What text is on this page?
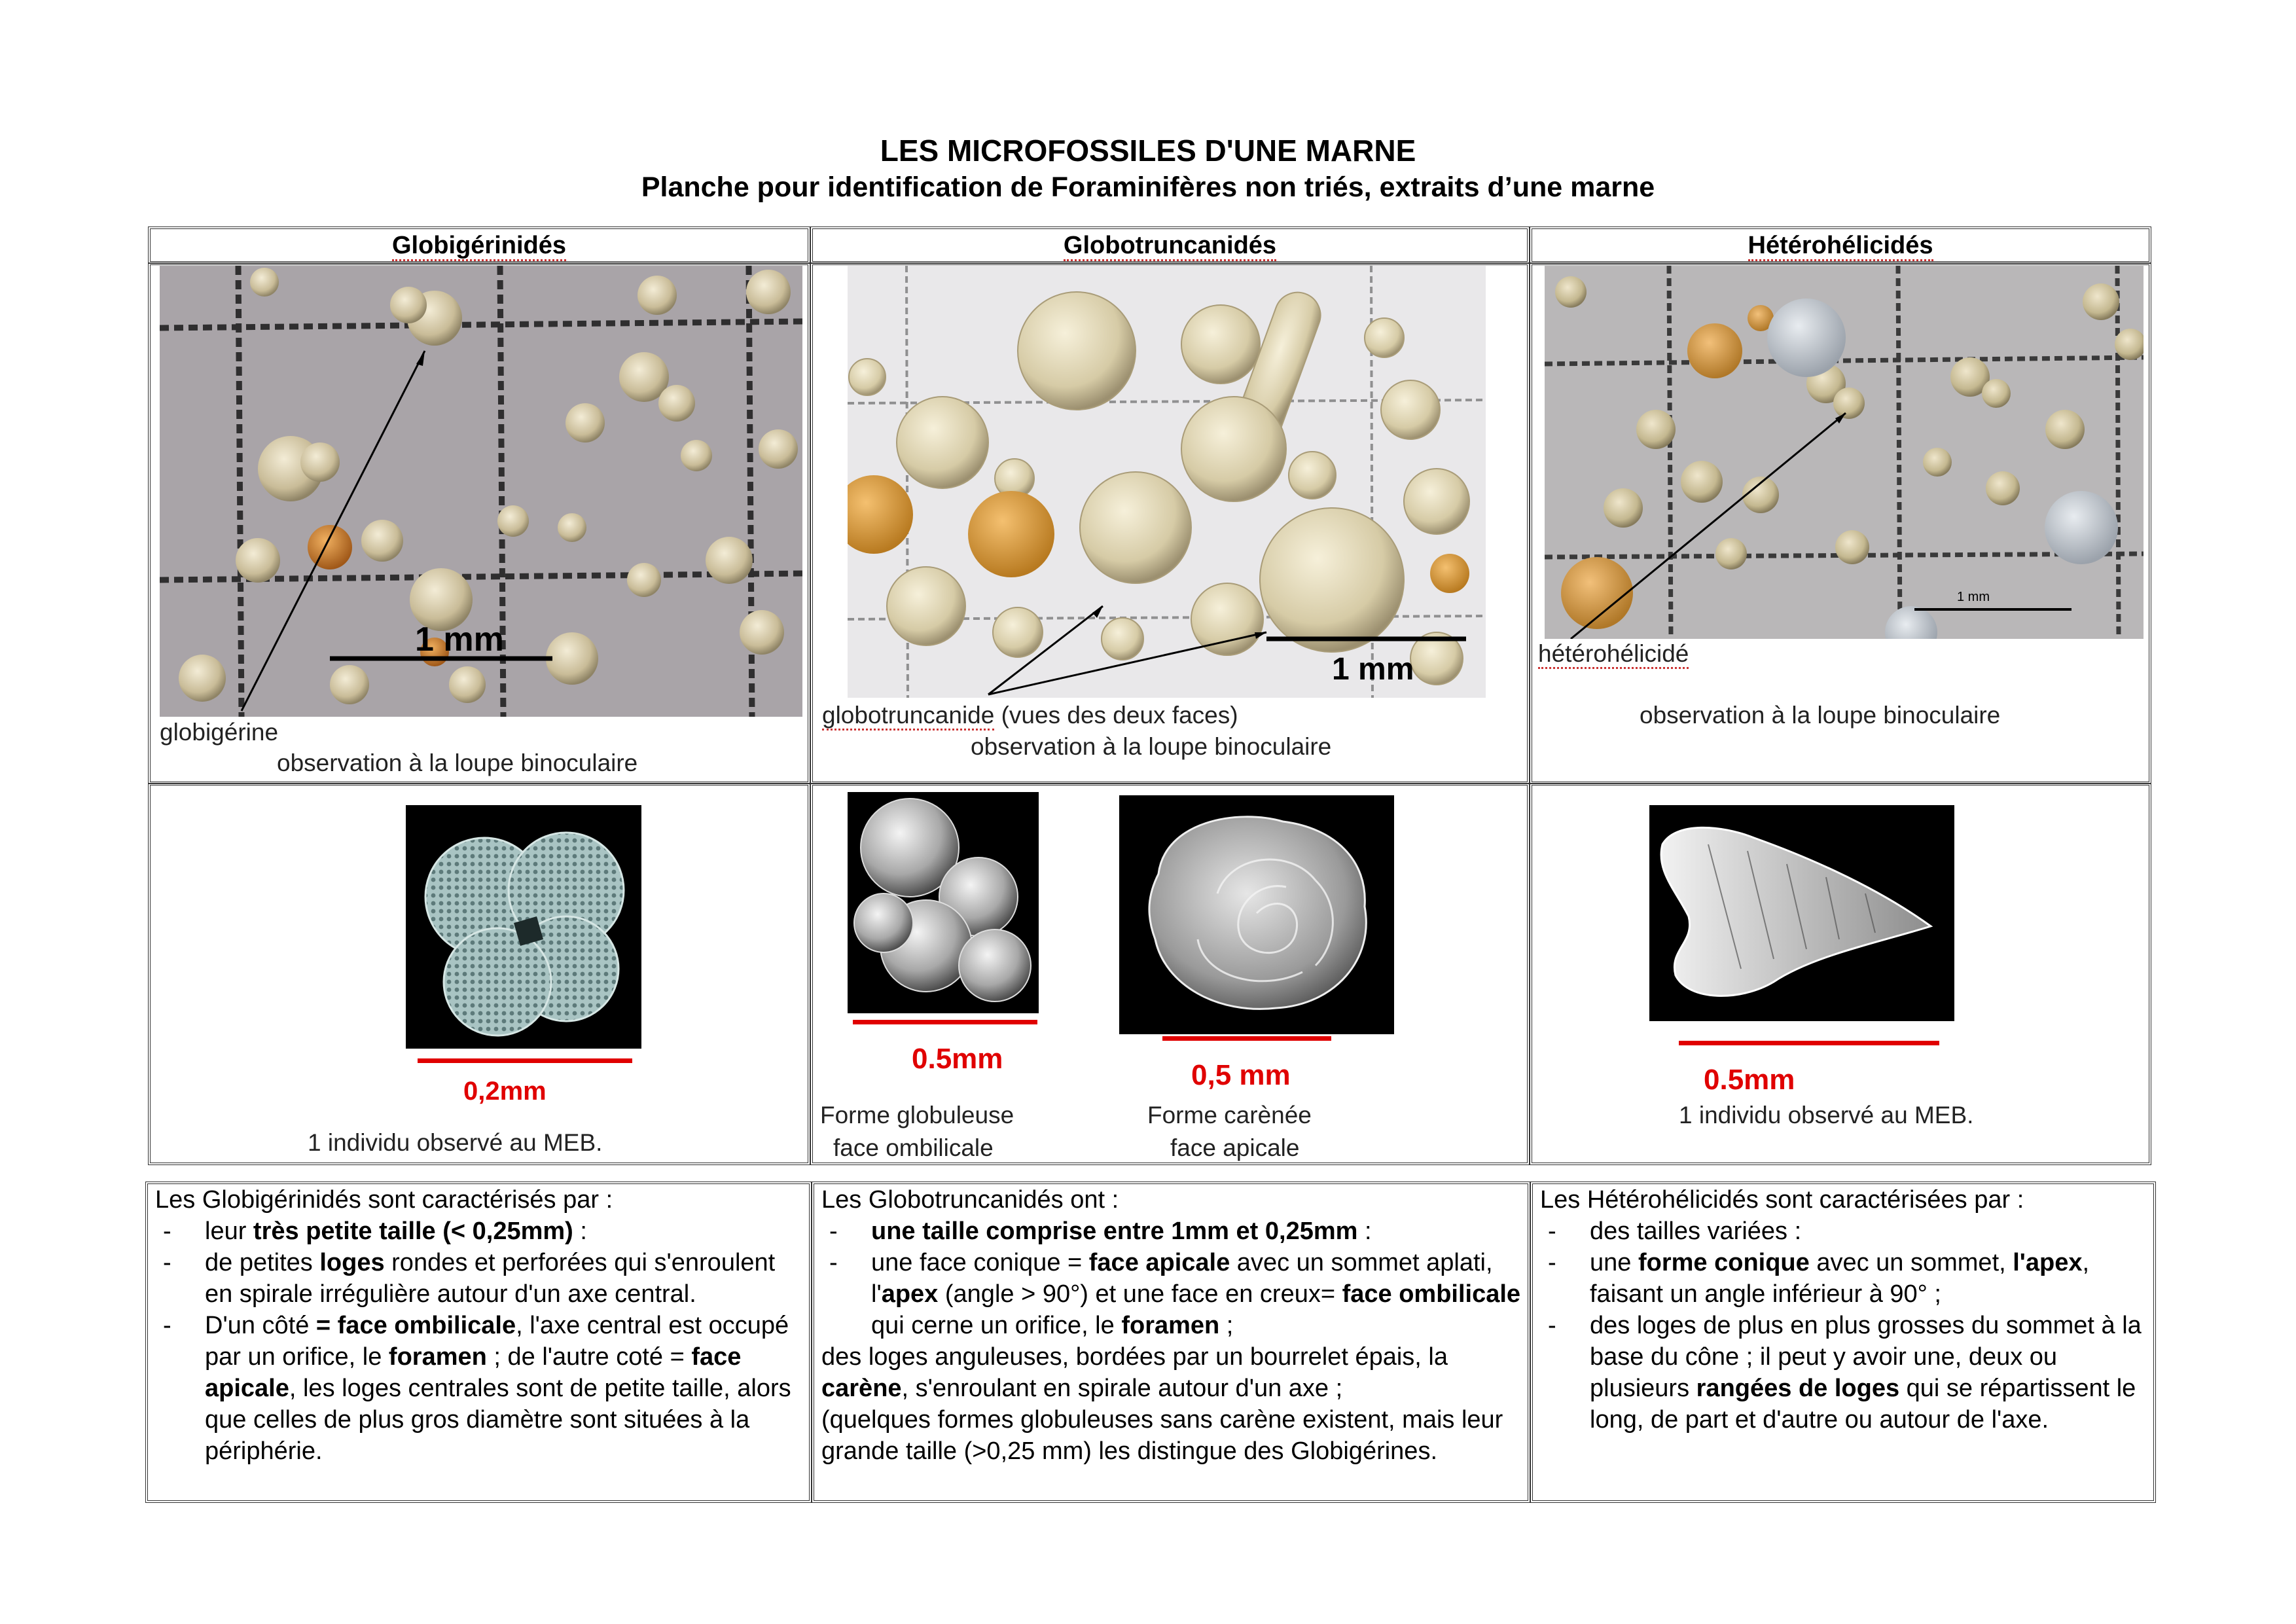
LES MICROFOSSILES D'UNE MARNE
Planche pour identification de Foraminifères non triés, extraits d’une marne
Globigérinidés	Globotruncanidés	Hétérohélicidés
1 mm
globigérine
observation à la loupe binoculaire
1 mm
globotruncanide (vues des deux faces)
observation à la loupe binoculaire
1 mm
hétérohélicidé
observation à la loupe binoculaire
0,2mm
1 individu observé au MEB.
0.5mm
Forme globuleuse
face ombilicale
0,5 mm
Forme carènée
face apicale
0.5mm
1 individu observé au MEB.
Les Globigérinidés sont caractérisés par :
- leur très petite taille (< 0,25mm) :
- de petites loges rondes et perforées qui s'enroulent en spirale irrégulière autour d'un axe central.
- D'un côté = face ombilicale, l'axe central est occupé par un orifice, le foramen ; de l'autre coté = face apicale, les loges centrales sont de petite taille, alors que celles de plus gros diamètre sont situées à la périphérie.
Les Globotruncanidés ont :
- une taille comprise entre 1mm et 0,25mm :
- une face conique = face apicale avec un sommet aplati, l'apex (angle > 90°) et une face en creux= face ombilicale qui cerne un orifice, le foramen ;
des loges anguleuses, bordées par un bourrelet épais, la carène, s'enroulant en spirale autour d'un axe ;
(quelques formes globuleuses sans carène existent, mais leur grande taille (>0,25 mm) les distingue des Globigérines.
Les Hétérohélicidés sont caractérisées par :
- des tailles variées :
- une forme conique avec un sommet, l'apex, faisant un angle inférieur à 90° ;
- des loges de plus en plus grosses du sommet à la base du cône ; il peut y avoir une, deux ou plusieurs rangées de loges qui se répartissent le long, de part et d'autre ou autour de l'axe.
